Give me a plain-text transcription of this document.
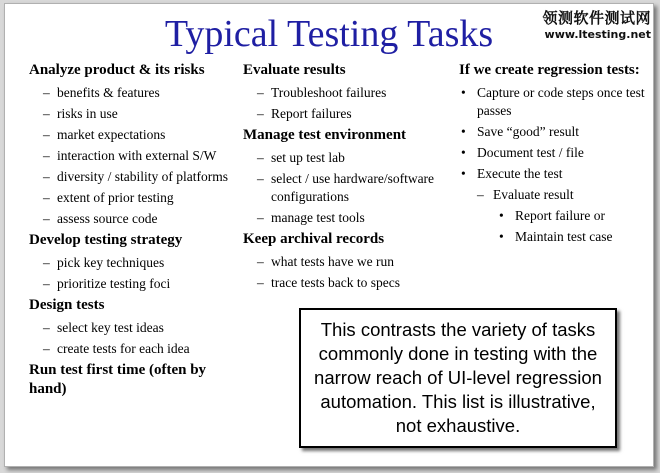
Typical Testing Tasks	领测软件测试网
www.ltesting.net
Analyze product & its risks
– benefits & features
– risks in use
– market expectations
– interaction with external S/W
– diversity / stability of platforms
– extent of prior testing
– assess source code
Develop testing strategy
– pick key techniques
– prioritize testing foci
Design tests
– select key test ideas
– create tests for each idea
Run test first time (often by hand)
Evaluate results
– Troubleshoot failures
– Report failures
Manage test environment
– set up test lab
– select / use hardware/software configurations
– manage test tools
Keep archival records
– what tests have we run
– trace tests back to specs
If we create regression tests:
• Capture or code steps once test passes
• Save “good” result
• Document test / file
• Execute the test
– Evaluate result
• Report failure or
• Maintain test case
This contrasts the variety of tasks commonly done in testing with the narrow reach of UI-level regression automation. This list is illustrative, not exhaustive.
